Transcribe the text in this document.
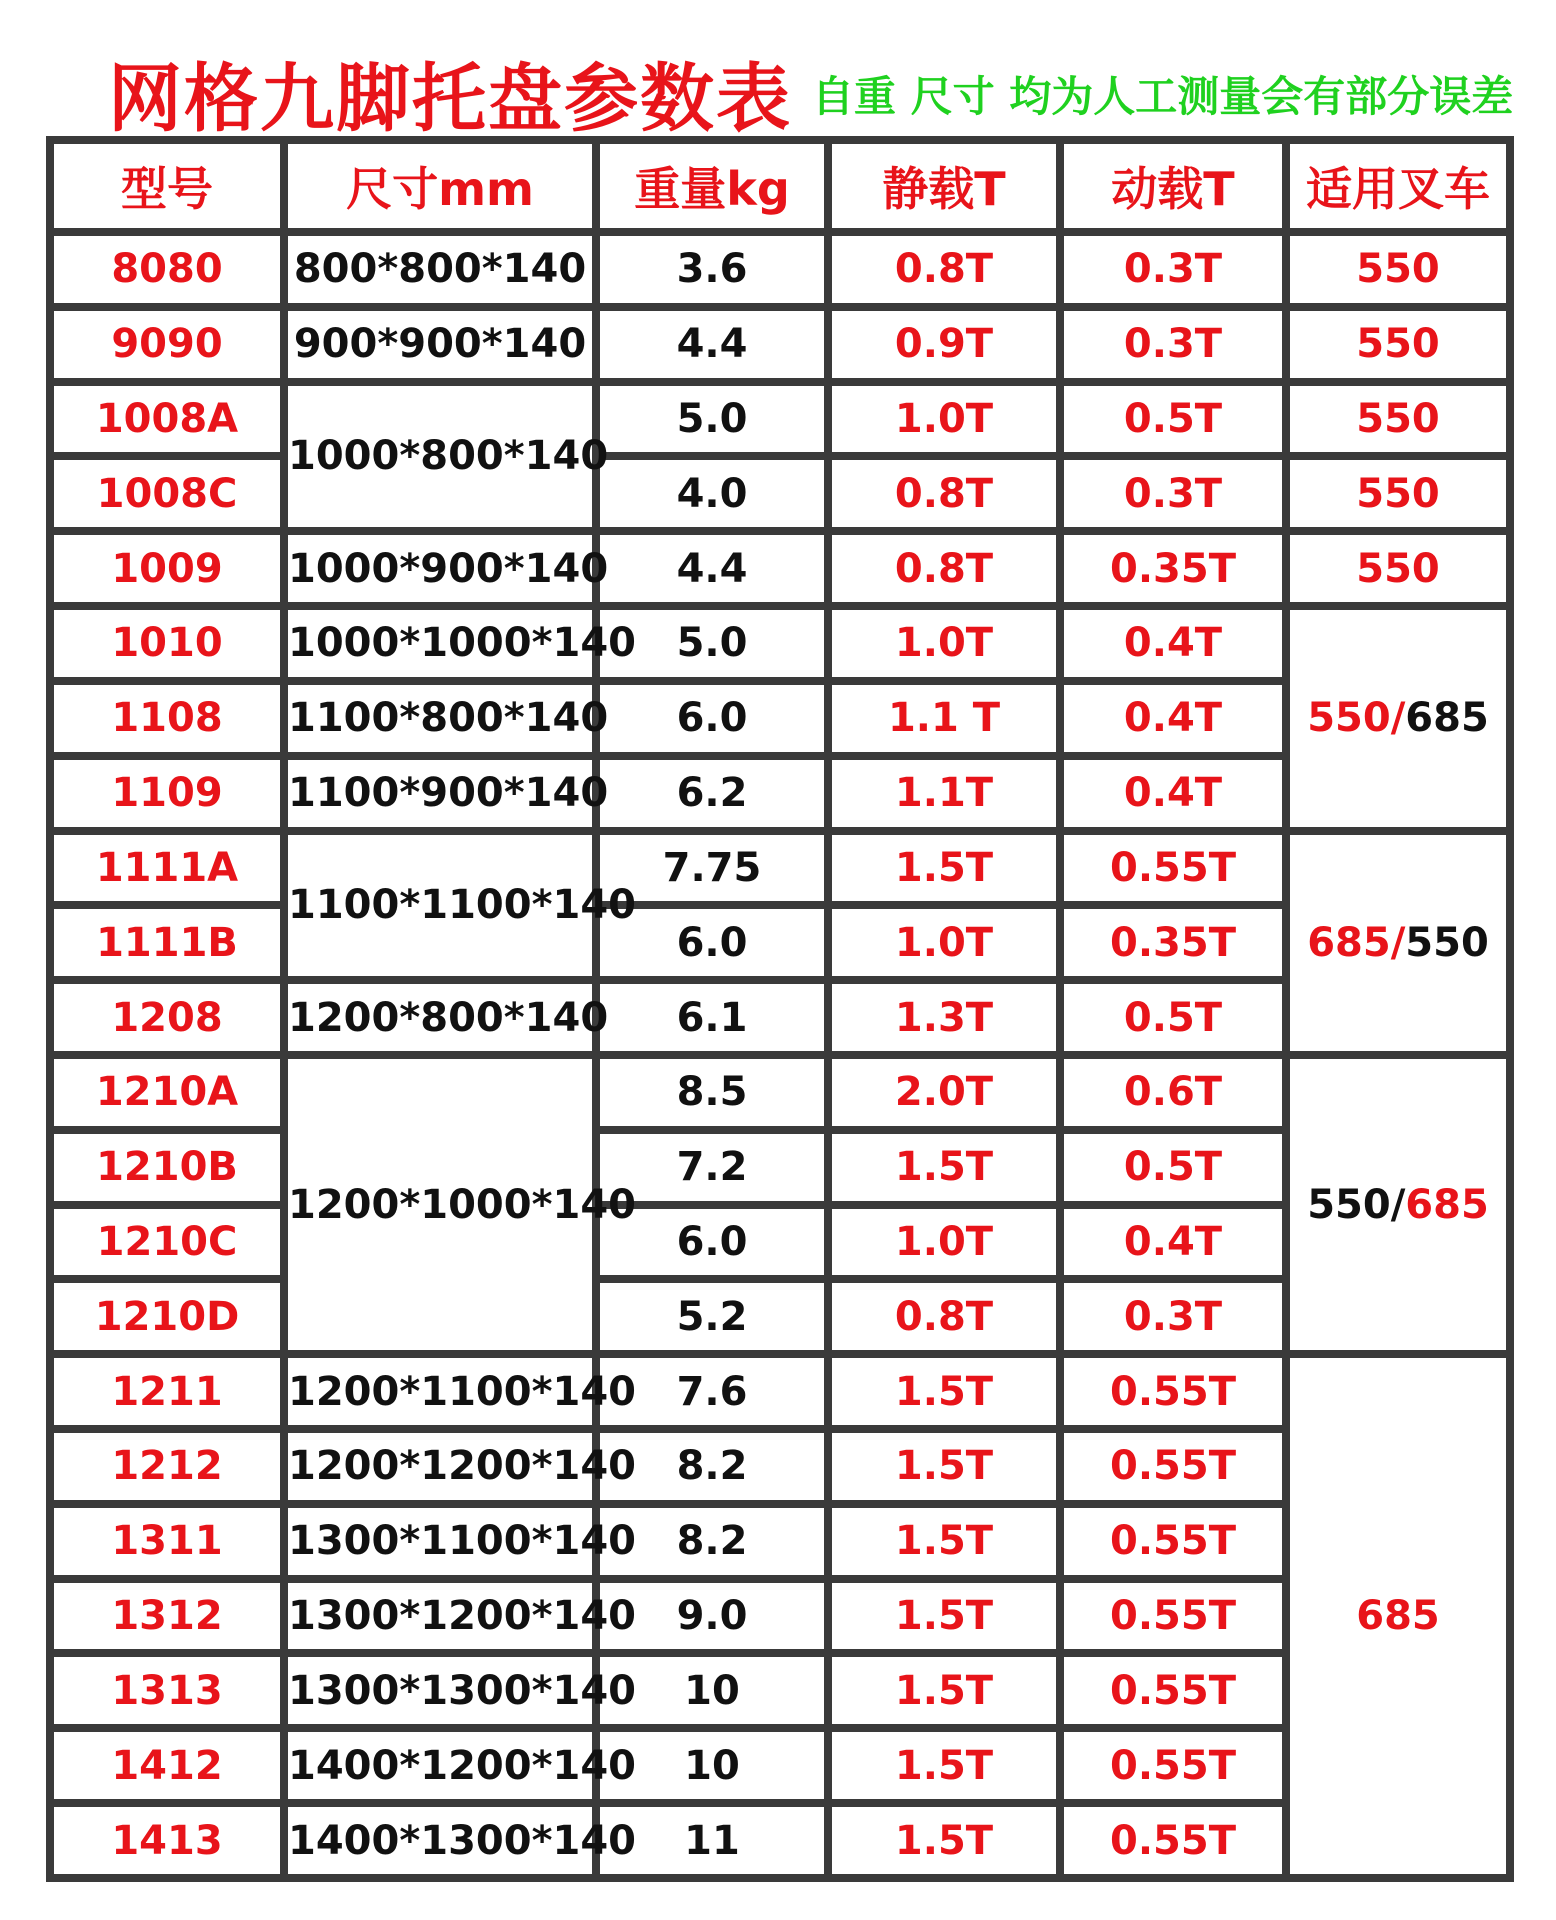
网格九脚托盘参数表 自重 尺寸 均为人工测量会有部分误差
型号	尺寸mm	重量kg	静载T	动载T	适用叉车
8080	800*800*140	3.6	0.8T	0.3T	550
9090	900*900*140	4.4	0.9T	0.3T	550
1008A	1000*800*140	5.0	1.0T	0.5T	550
1008C		4.0	0.8T	0.3T	550
1009	1000*900*140	4.4	0.8T	0.35T	550
1010	1000*1000*140	5.0	1.0T	0.4T	550/685
1108	1100*800*140	6.0	1.1 T	0.4T	
1109	1100*900*140	6.2	1.1T	0.4T	
1111A	1100*1100*140	7.75	1.5T	0.55T	685/550
1111B		6.0	1.0T	0.35T	
1208	1200*800*140	6.1	1.3T	0.5T	
1210A	1200*1000*140	8.5	2.0T	0.6T	550/685
1210B		7.2	1.5T	0.5T	
1210C		6.0	1.0T	0.4T	
1210D		5.2	0.8T	0.3T	
1211	1200*1100*140	7.6	1.5T	0.55T	685
1212	1200*1200*140	8.2	1.5T	0.55T	
1311	1300*1100*140	8.2	1.5T	0.55T	
1312	1300*1200*140	9.0	1.5T	0.55T	
1313	1300*1300*140	10	1.5T	0.55T	
1412	1400*1200*140	10	1.5T	0.55T	
1413	1400*1300*140	11	1.5T	0.55T	
